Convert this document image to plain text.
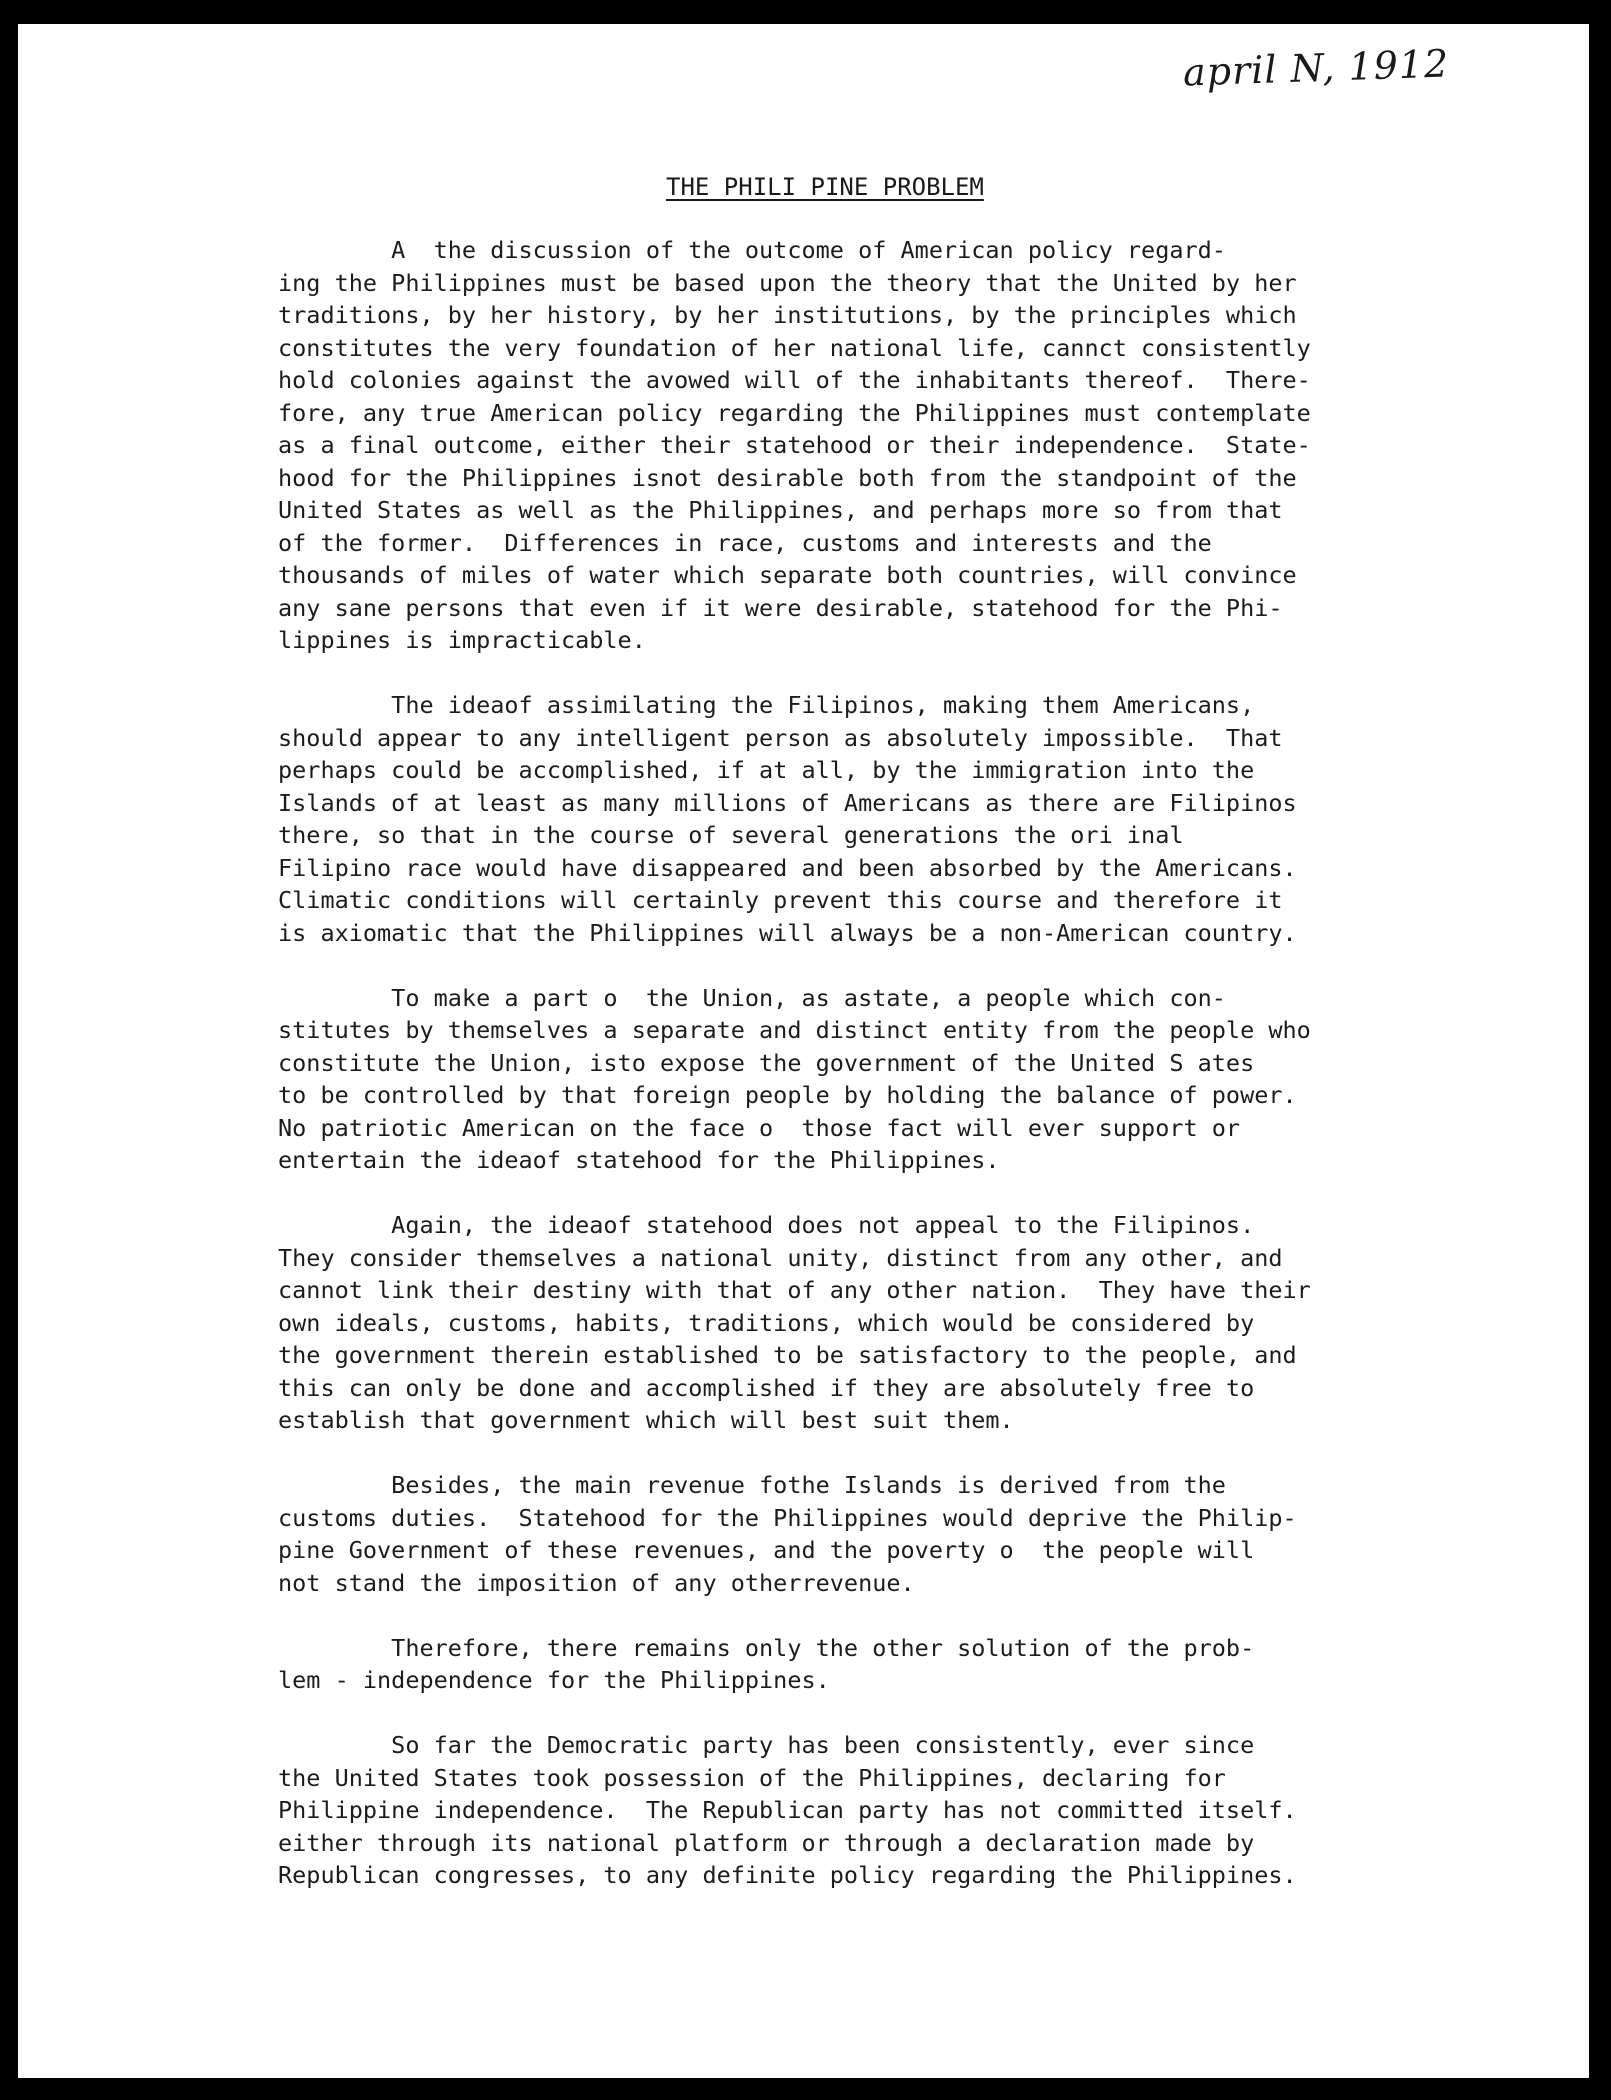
april N, 1912
THE PHILI PINE PROBLEM
A  the discussion of the outcome of American policy regard-
ing the Philippines must be based upon the theory that the United by her
traditions, by her history, by her institutions, by the principles which
constitutes the very foundation of her national life, cannct consistently
hold colonies against the avowed will of the inhabitants thereof.  There-
fore, any true American policy regarding the Philippines must contemplate
as a final outcome, either their statehood or their independence.  State-
hood for the Philippines isnot desirable both from the standpoint of the
United States as well as the Philippines, and perhaps more so from that
of the former.  Differences in race, customs and interests and the
thousands of miles of water which separate both countries, will convince
any sane persons that even if it were desirable, statehood for the Phi-
lippines is impracticable.
The ideaof assimilating the Filipinos, making them Americans,
should appear to any intelligent person as absolutely impossible.  That
perhaps could be accomplished, if at all, by the immigration into the
Islands of at least as many millions of Americans as there are Filipinos
there, so that in the course of several generations the ori inal
Filipino race would have disappeared and been absorbed by the Americans.
Climatic conditions will certainly prevent this course and therefore it
is axiomatic that the Philippines will always be a non-American country.
To make a part o  the Union, as astate, a people which con-
stitutes by themselves a separate and distinct entity from the people who
constitute the Union, isto expose the government of the United S ates
to be controlled by that foreign people by holding the balance of power.
No patriotic American on the face o  those fact will ever support or
entertain the ideaof statehood for the Philippines.
Again, the ideaof statehood does not appeal to the Filipinos.
They consider themselves a national unity, distinct from any other, and
cannot link their destiny with that of any other nation.  They have their
own ideals, customs, habits, traditions, which would be considered by
the government therein established to be satisfactory to the people, and
this can only be done and accomplished if they are absolutely free to
establish that government which will best suit them.
Besides, the main revenue fothe Islands is derived from the
customs duties.  Statehood for the Philippines would deprive the Philip-
pine Government of these revenues, and the poverty o  the people will
not stand the imposition of any otherrevenue.
Therefore, there remains only the other solution of the prob-
lem - independence for the Philippines.
So far the Democratic party has been consistently, ever since
the United States took possession of the Philippines, declaring for
Philippine independence.  The Republican party has not committed itself.
either through its national platform or through a declaration made by
Republican congresses, to any definite policy regarding the Philippines.
